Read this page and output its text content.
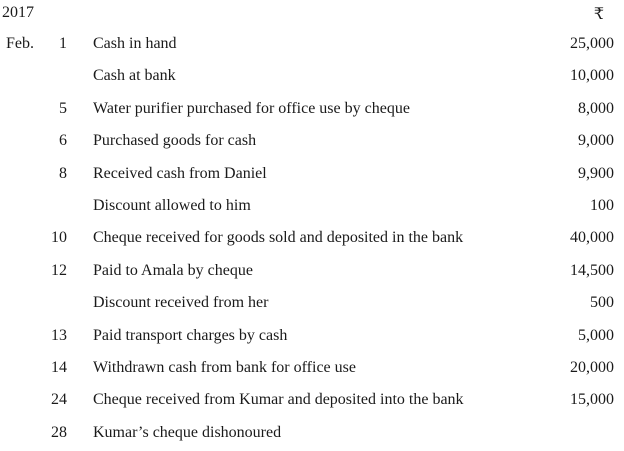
2017	₹
Feb.	1 Cash in hand	25,000
Cash at bank	10,000
5 Water purifier purchased for office use by cheque	8,000
6 Purchased goods for cash	9,000
8 Received cash from Daniel	9,900
Discount allowed to him	100
10 Cheque received for goods sold and deposited in the bank	40,000
12 Paid to Amala by cheque	14,500
Discount received from her	500
13 Paid transport charges by cash	5,000
14 Withdrawn cash from bank for office use	20,000
24 Cheque received from Kumar and deposited into the bank	15,000
28 Kumar’s cheque dishonoured
